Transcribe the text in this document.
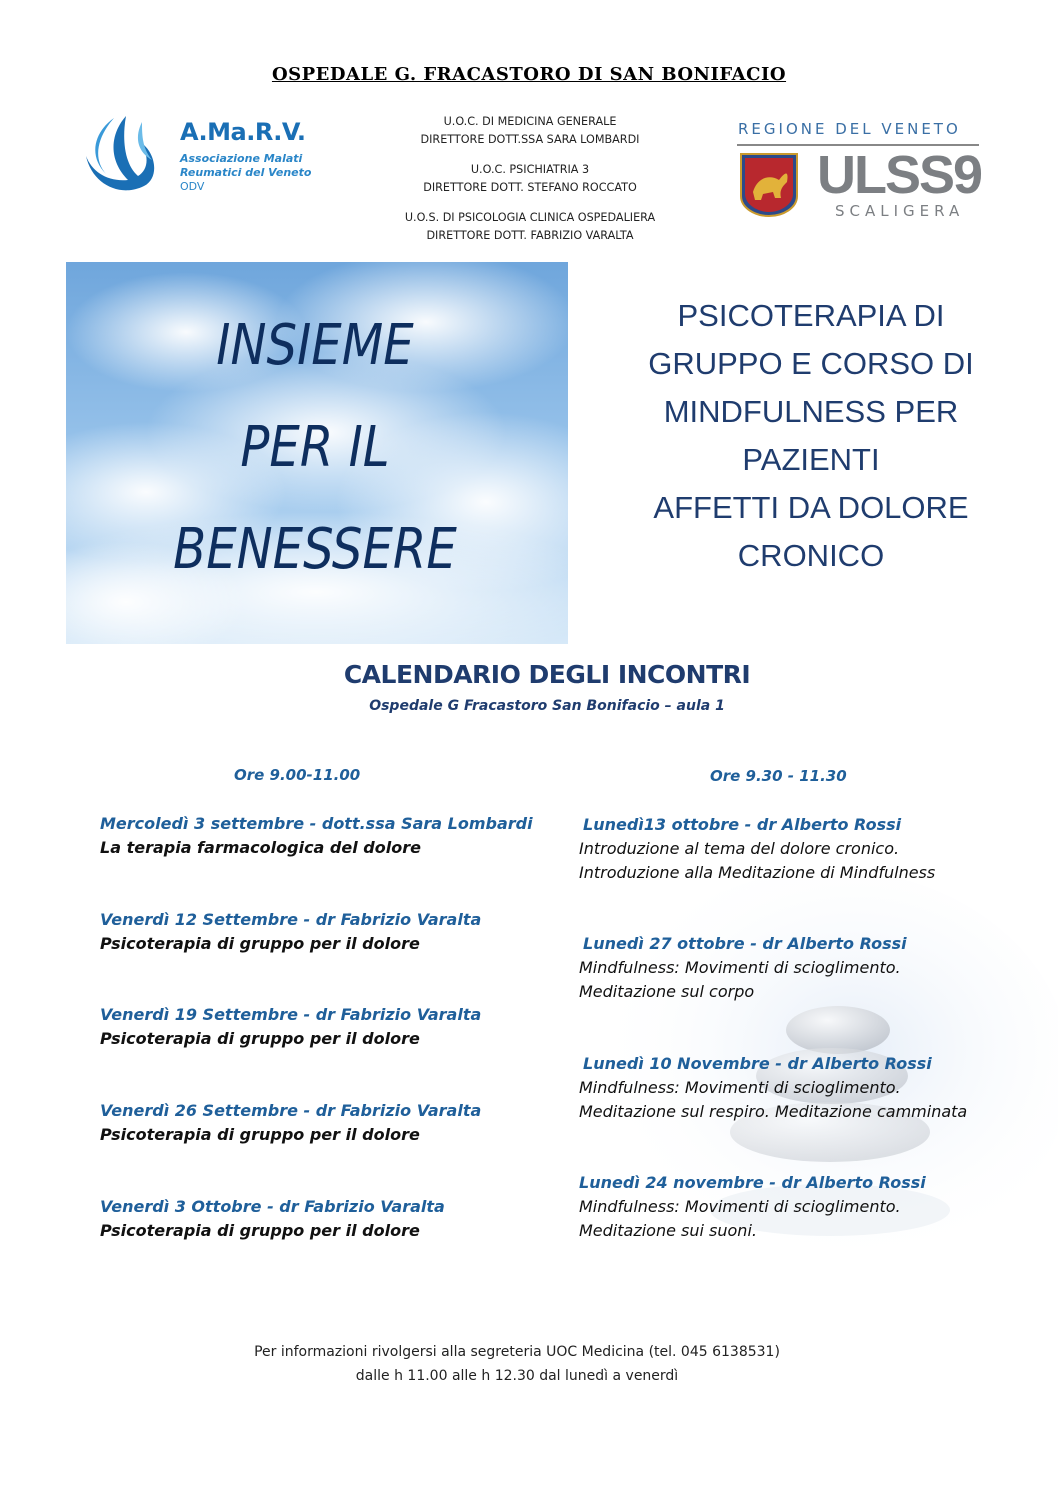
OSPEDALE G. FRACASTORO DI SAN BONIFACIO
A.Ma.R.V.
Associazione Malati
Reumatici del Veneto
ODV
U.O.C. DI MEDICINA GENERALE
DIRETTORE DOTT.SSA SARA LOMBARDI
U.O.C. PSICHIATRIA 3
DIRETTORE DOTT. STEFANO ROCCATO
U.O.S. DI PSICOLOGIA CLINICA OSPEDALIERA
DIRETTORE DOTT. FABRIZIO VARALTA
REGIONE DEL VENETO
ULSS9
SCALIGERA
INSIEME
PER IL
BENESSERE
PSICOTERAPIA DI
GRUPPO E CORSO DI
MINDFULNESS PER
PAZIENTI
AFFETTI DA DOLORE
CRONICO
CALENDARIO DEGLI INCONTRI
Ospedale G Fracastoro San Bonifacio – aula 1
Ore 9.00-11.00	Ore 9.30 - 11.30
Mercoledì 3 settembre - dott.ssa Sara Lombardi
La terapia farmacologica del dolore
Venerdì 12 Settembre - dr Fabrizio Varalta
Psicoterapia di gruppo per il dolore
Venerdì 19 Settembre - dr Fabrizio Varalta
Psicoterapia di gruppo per il dolore
Venerdì 26 Settembre - dr Fabrizio Varalta
Psicoterapia di gruppo per il dolore
Venerdì 3 Ottobre - dr Fabrizio Varalta
Psicoterapia di gruppo per il dolore
Lunedì13 ottobre - dr Alberto Rossi
Introduzione al tema del dolore cronico.
Introduzione alla Meditazione di Mindfulness
Lunedì 27 ottobre - dr Alberto Rossi
Mindfulness: Movimenti di scioglimento.
Meditazione sul corpo
Lunedì 10 Novembre - dr Alberto Rossi
Mindfulness: Movimenti di scioglimento.
Meditazione sul respiro. Meditazione camminata
Lunedì 24 novembre - dr Alberto Rossi
Mindfulness: Movimenti di scioglimento.
Meditazione sui suoni.
Per informazioni rivolgersi alla segreteria UOC Medicina (tel. 045 6138531)
dalle h 11.00 alle h 12.30 dal lunedì a venerdì
